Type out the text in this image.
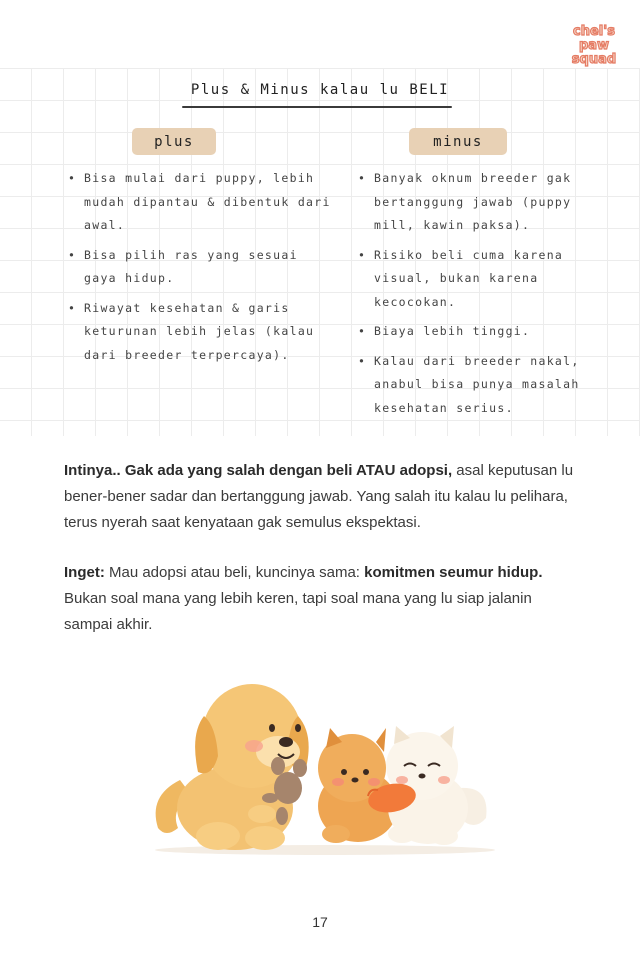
chel's
paw
squad
Plus & Minus kalau lu BELI
plus	minus
• Bisa mulai dari puppy, lebih mudah dipantau & dibentuk dari awal.
• Bisa pilih ras yang sesuai gaya hidup.
• Riwayat kesehatan & garis keturunan lebih jelas (kalau dari breeder terpercaya).
• Banyak oknum breeder gak bertanggung jawab (puppy mill, kawin paksa).
• Risiko beli cuma karena visual, bukan karena kecocokan.
• Biaya lebih tinggi.
• Kalau dari breeder nakal, anabul bisa punya masalah kesehatan serius.

Intinya.. Gak ada yang salah dengan beli ATAU adopsi, asal keputusan lu bener-bener sadar dan bertanggung jawab. Yang salah itu kalau lu pelihara, terus nyerah saat kenyataan gak semulus ekspektasi.

Inget: Mau adopsi atau beli, kuncinya sama: komitmen seumur hidup. Bukan soal mana yang lebih keren, tapi soal mana yang lu siap jalanin sampai akhir.

17
